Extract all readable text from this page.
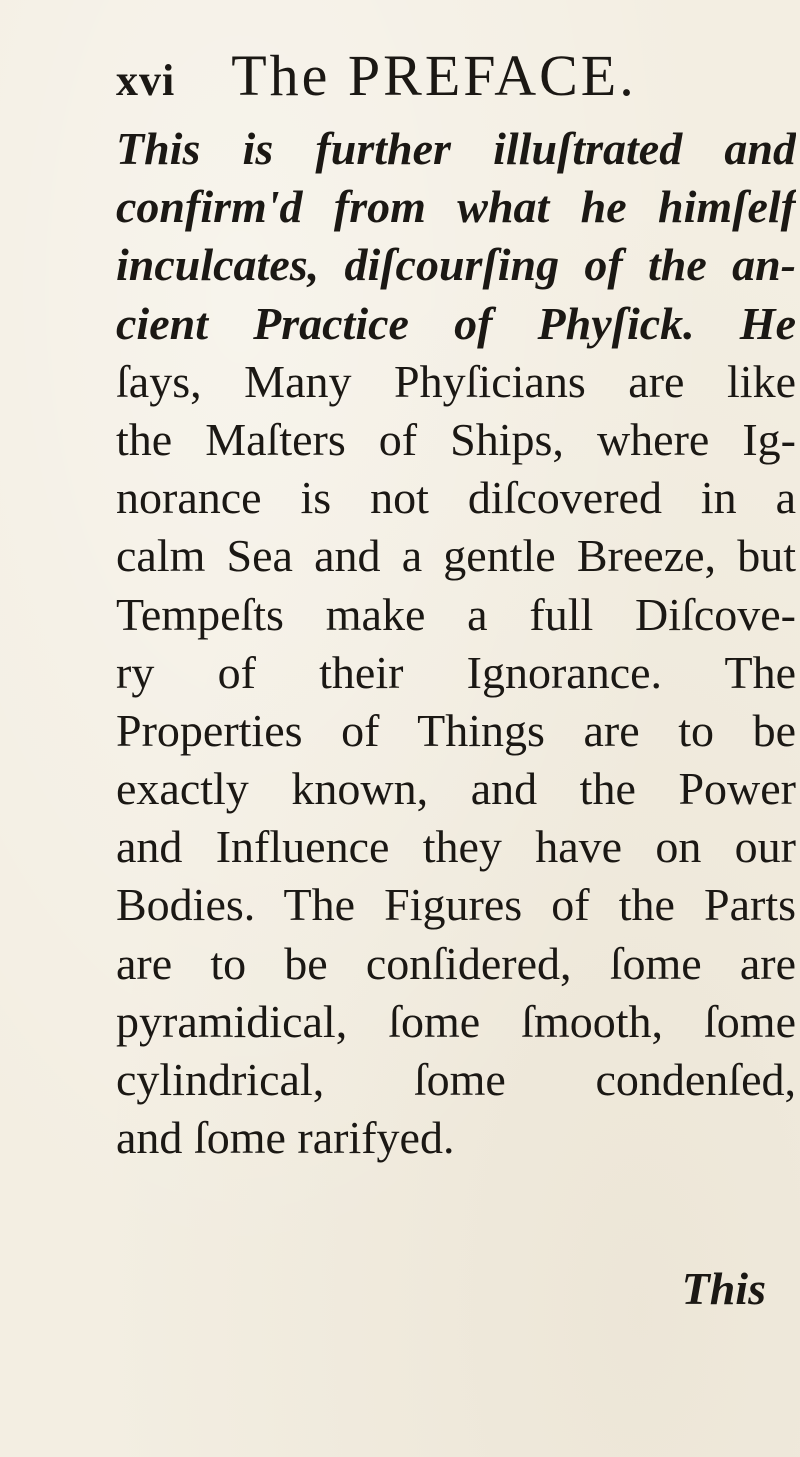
xvi The PREFACE.
This is further illuſtrated and
confirm'd from what he himſelf
inculcates, diſcourſing of the an-
cient Practice of Phyſick. He
ſays, Many Phyſicians are like
the Maſters of Ships, where Ig-
norance is not diſcovered in a
calm Sea and a gentle Breeze, but
Tempeſts make a full Diſcove-
ry of their Ignorance. The
Properties of Things are to be
exactly known, and the Power
and Influence they have on our
Bodies. The Figures of the Parts
are to be conſidered, ſome are
pyramidical, ſome ſmooth, ſome
cylindrical, ſome condenſed,
and ſome rarifyed.
This
